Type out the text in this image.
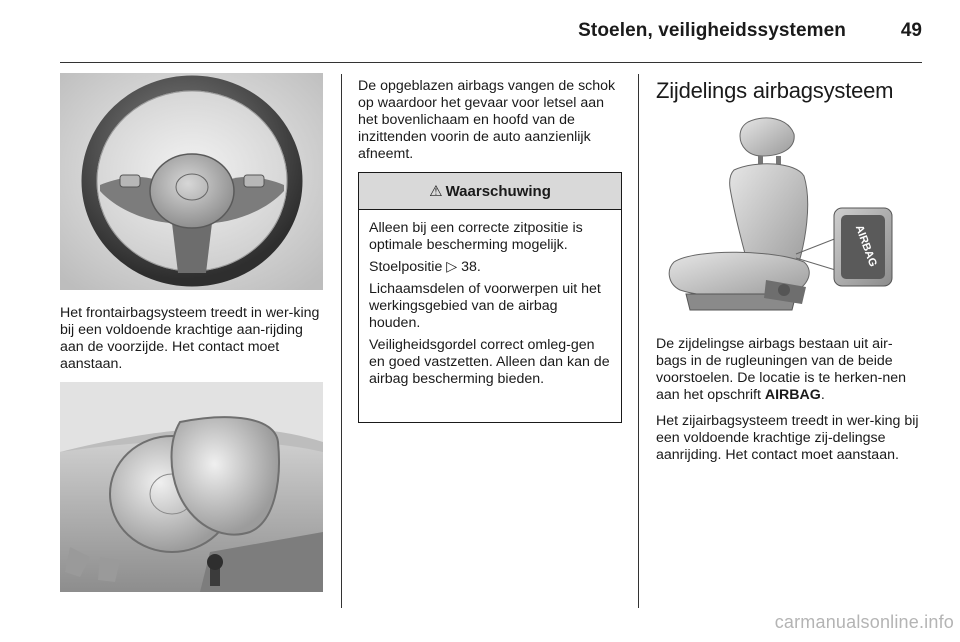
Stoelen, veiligheidssystemen	49

Het frontairbagsysteem treedt in wer-king bij een voldoende krachtige aan-rijding aan de voorzijde. Het contact moet aanstaan.

De opgeblazen airbags vangen de schok op waardoor het gevaar voor letsel aan het bovenlichaam en hoofd van de inzittenden voorin de auto aanzienlijk afneemt.

⚠ Waarschuwing

Alleen bij een correcte zitpositie is optimale bescherming mogelijk.

Stoelpositie ▷ 38.

Lichaamsdelen of voorwerpen uit het werkingsgebied van de airbag houden.

Veiligheidsgordel correct omleg-gen en goed vastzetten. Alleen dan kan de airbag bescherming bieden.

Zijdelings airbagsysteem
AIRBAG

De zijdelingse airbags bestaan uit air-bags in de rugleuningen van de beide voorstoelen. De locatie is te herken-nen aan het opschrift AIRBAG.

Het zijairbagsysteem treedt in wer-king bij een voldoende krachtige zij-delingse aanrijding. Het contact moet aanstaan.

carmanualsonline.info
